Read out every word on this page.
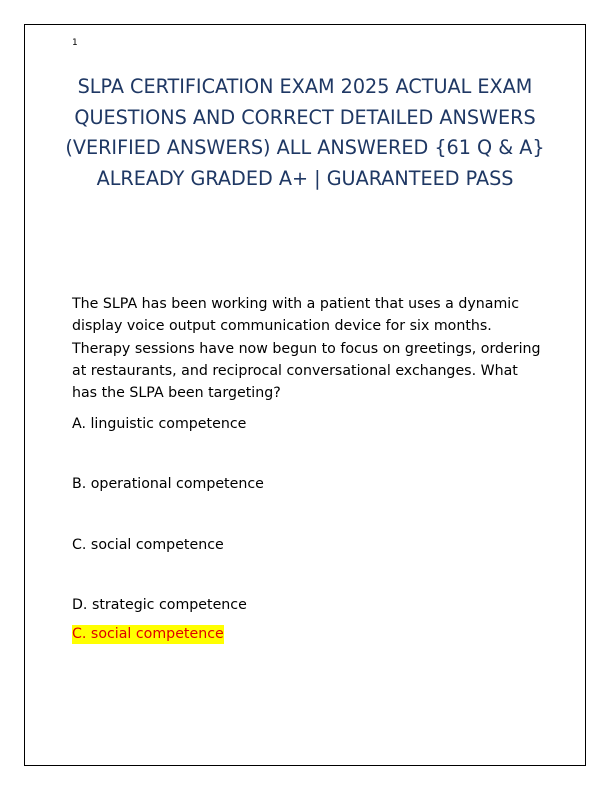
1
SLPA CERTIFICATION EXAM 2025 ACTUAL EXAM QUESTIONS AND CORRECT DETAILED ANSWERS (VERIFIED ANSWERS) ALL ANSWERED {61 Q & A} ALREADY GRADED A+ | GUARANTEED PASS

The SLPA has been working with a patient that uses a dynamic display voice output communication device for six months. Therapy sessions have now begun to focus on greetings, ordering at restaurants, and reciprocal conversational exchanges. What has the SLPA been targeting?

A. linguistic competence

B. operational competence

C. social competence

D. strategic competence

C. social competence
